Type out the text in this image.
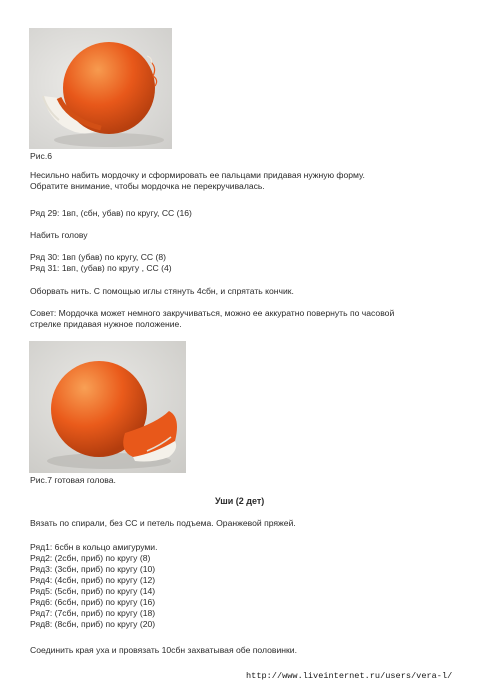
Рис.6
Несильно набить мордочку и сформировать ее пальцами придавая нужную форму.
Обратите внимание, чтобы мордочка не перекручивалась.
Ряд 29: 1вп, (сбн, убав) по кругу, СС (16)
Набить голову
Ряд 30: 1вп (убав) по кругу, СС (8)
Ряд 31: 1вп, (убав) по кругу , СС (4)
Оборвать нить. С помощью иглы стянуть 4сбн, и спрятать кончик.
Совет: Мордочка может немного закручиваться, можно ее аккуратно повернуть по часовой
стрелке придавая нужное положение.
Рис.7 готовая голова.
Уши (2 дет)
Вязать по спирали, без СС и петель подъема. Оранжевой пряжей.
Ряд1: 6сбн в кольцо амигуруми.
Ряд2: (2сбн, приб) по кругу (8)
Ряд3: (3сбн, приб) по кругу (10)
Ряд4: (4сбн, приб) по кругу (12)
Ряд5: (5сбн, приб) по кругу (14)
Ряд6: (6сбн, приб) по кругу (16)
Ряд7: (7сбн, приб) по кругу (18)
Ряд8: (8сбн, приб) по кругу (20)
Соединить края уха и провязать 10сбн захватывая обе половинки.
http://www.liveinternet.ru/users/vera-l/
